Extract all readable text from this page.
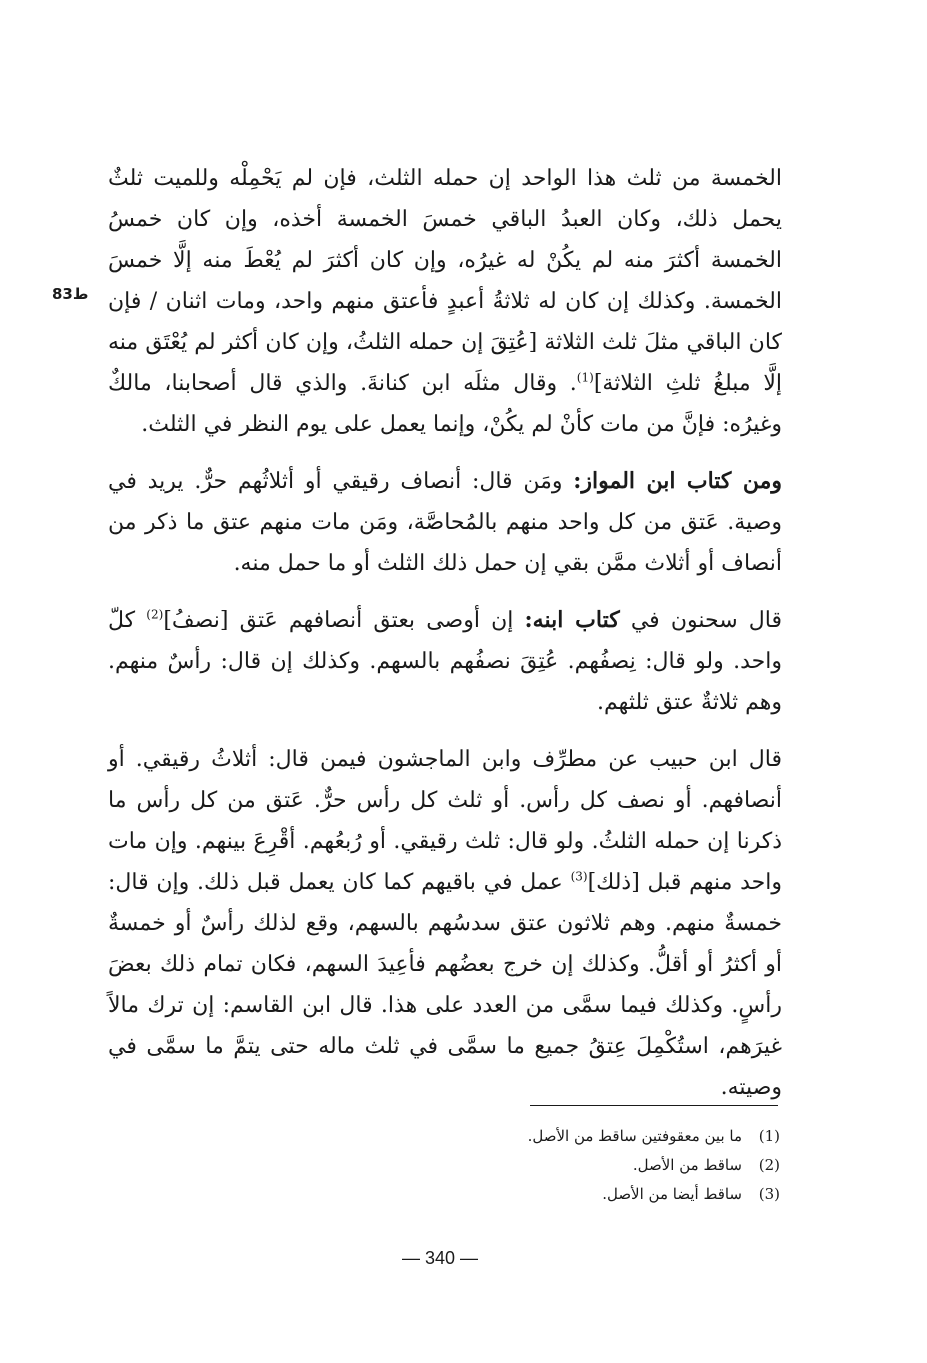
ط83

الخمسة من ثلث هذا الواحد إن حمله الثلث، فإن لم يَحْمِلْه وللميت ثلثٌ يحمل ذلك، وكان العبدُ الباقي خمسَ الخمسة أخذه، وإن كان خمسُ الخمسة أكثرَ منه لم يكُنْ له غيرُه، وإن كان أكثرَ لم يُعْطَ منه إلَّا خمسَ الخمسة. وكذلك إن كان له ثلاثةُ أعبدٍ فأعتق منهم واحد، ومات اثنان / فإن كان الباقي مثلَ ثلث الثلاثة [عُتِقَ إن حمله الثلثُ، وإن كان أكثر لم يُعْتَق منه إلَّا مبلغُ ثلثِ الثلاثة]$^{(1)}$. وقال مثلَه ابن كنانةَ. والذي قال أصحابنا، مالكٌ وغيرُه: فإنَّ من مات كأنْ لم يكُنْ، وإنما يعمل على يوم النظر في الثلث.

ومن كتاب ابن المواز: ومَن قال: أنصاف رقيقي أو أثلاثُهم حرٌّ. يريد في وصية. عَتق من كل واحد منهم بالمُحاصَّة، ومَن مات منهم عتق ما ذكر من أنصاف أو أثلاث ممَّن بقي إن حمل ذلك الثلث أو ما حمل منه.

قال سحنون في كتاب ابنه: إن أوصى بعتق أنصافهم عَتق [نصفُ]$^{(2)}$ كلّ واحد. ولو قال: نِصفُهم. عُتِقَ نصفُهم بالسهم. وكذلك إن قال: رأسٌ منهم. وهم ثلاثةٌ عتق ثلثهم.

قال ابن حبيب عن مطرِّف وابن الماجشون فيمن قال: أثلاثُ رقيقي. أو أنصافهم. أو نصف كل رأس. أو ثلث كل رأس حرٌّ. عَتق من كل رأس ما ذكرنا إن حمله الثلثُ. ولو قال: ثلث رقيقي. أو رُبعُهم. أقْرِعَ بينهم. وإن مات واحد منهم قبل [ذلك]$^{(3)}$ عمل في باقيهم كما كان يعمل قبل ذلك. وإن قال: خمسةٌ منهم. وهم ثلاثون عتق سدسُهم بالسهم، وقع لذلك رأسٌ أو خمسةٌ أو أكثرُ أو أقلُّ. وكذلك إن خرج بعضُهم فأعِيدَ السهم، فكان تمام ذلك بعضَ رأسٍ. وكذلك فيما سمَّى من العدد على هذا. قال ابن القاسم: إن ترك مالاً غيرَهم، استُكْمِلَ عِتقُ جميع ما سمَّى في ثلث ماله حتى يتمَّ ما سمَّى في وصيته.

(1)ما بين معقوفتين ساقط من الأصل.
(2)ساقط من الأصل.
(3)ساقط أيضا من الأصل.
— 340 —
